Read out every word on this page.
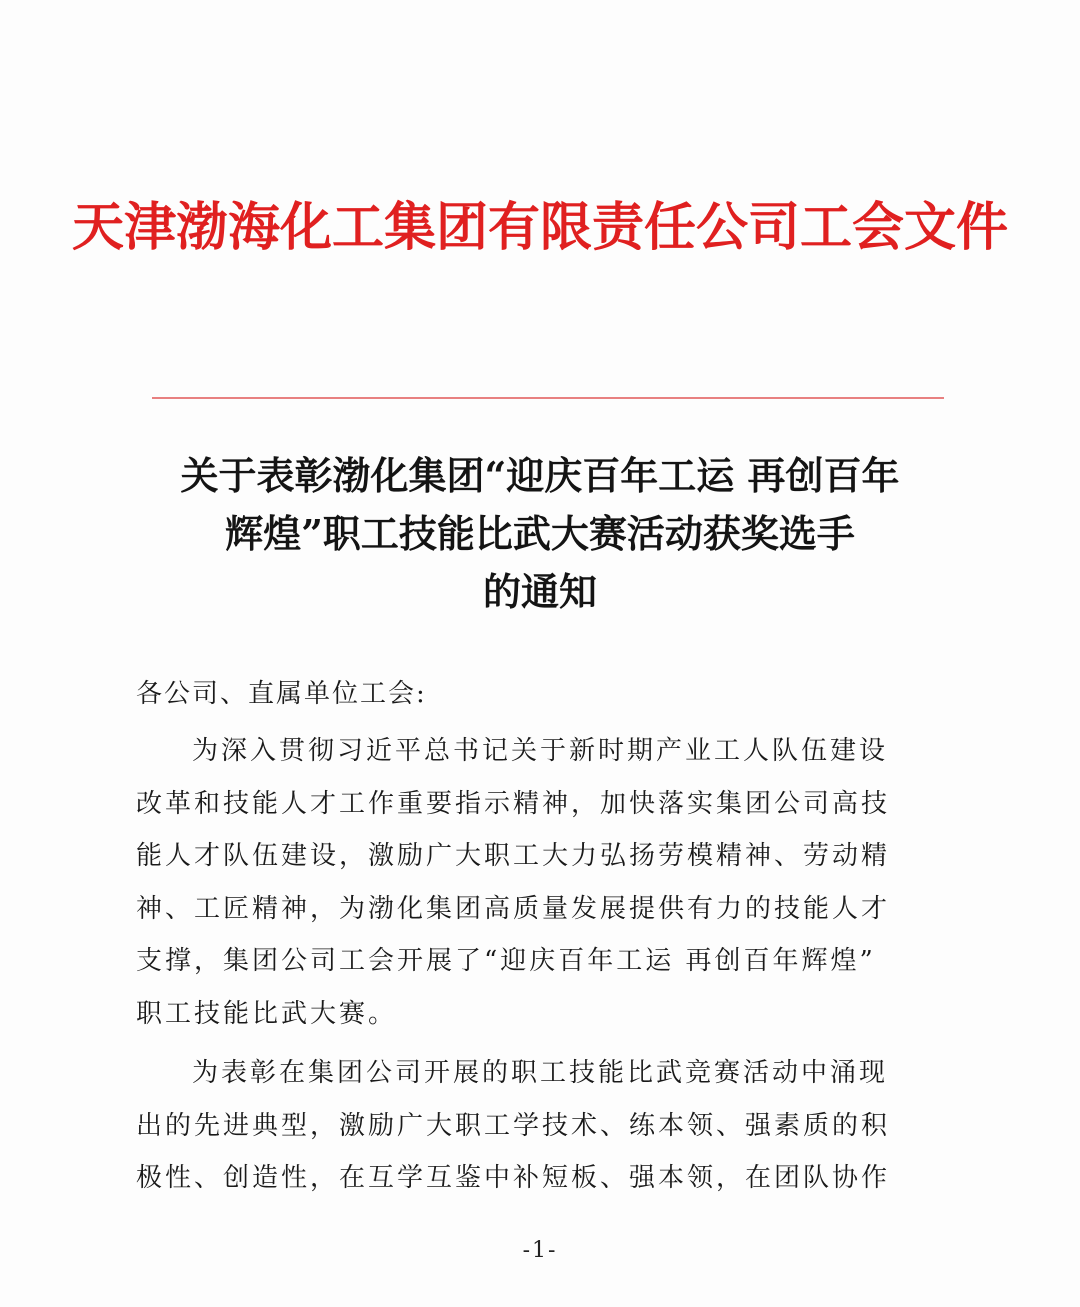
天津渤海化工集团有限责任公司工会文件
关于表彰渤化集团“迎庆百年工运 再创百年
辉煌”职工技能比武大赛活动获奖选手
的通知
各公司、直属单位工会:
为深入贯彻习近平总书记关于新时期产业工人队伍建设
改革和技能人才工作重要指示精神，加快落实集团公司高技
能人才队伍建设，激励广大职工大力弘扬劳模精神、劳动精
神、工匠精神，为渤化集团高质量发展提供有力的技能人才
支撑，集团公司工会开展了“迎庆百年工运 再创百年辉煌”
职工技能比武大赛。
为表彰在集团公司开展的职工技能比武竞赛活动中涌现
出的先进典型，激励广大职工学技术、练本领、强素质的积
极性、创造性，在互学互鉴中补短板、强本领，在团队协作
-1-
